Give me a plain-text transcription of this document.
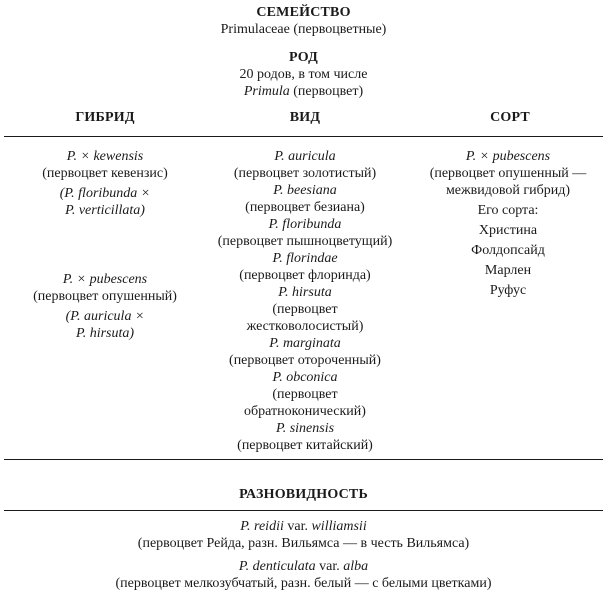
СЕМЕЙСТВО
Primulaceae (первоцветные)
РОД
20 родов, в том числе
Primula (первоцвет)
ГИБРИД	ВИД	СОРТ
P. × kewensis
(первоцвет кевензис)
(P. floribunda ×
P. verticillata)
P. × pubescens
(первоцвет опушенный)
(P. auricula ×
P. hirsuta)
P. auricula
(первоцвет золотистый)
P. beesiana
(первоцвет безиана)
P. floribunda
(первоцвет пышноцветущий)
P. florindae
(первоцвет флоринда)
P. hirsuta
(первоцвет
жестковолосистый)
P. marginata
(первоцвет отороченный)
P. obconica
(первоцвет
обратноконический)
P. sinensis
(первоцвет китайский)
P. × pubescens
(первоцвет опушенный —
межвидовой гибрид)
Его сорта:
Христина
Фолдопсайд
Марлен
Руфус
РАЗНОВИДНОСТЬ
P. reidii var. williamsii
(первоцвет Рейда, разн. Вильямса — в честь Вильямса)
P. denticulata var. alba
(первоцвет мелкозубчатый, разн. белый — с белыми цветками)
